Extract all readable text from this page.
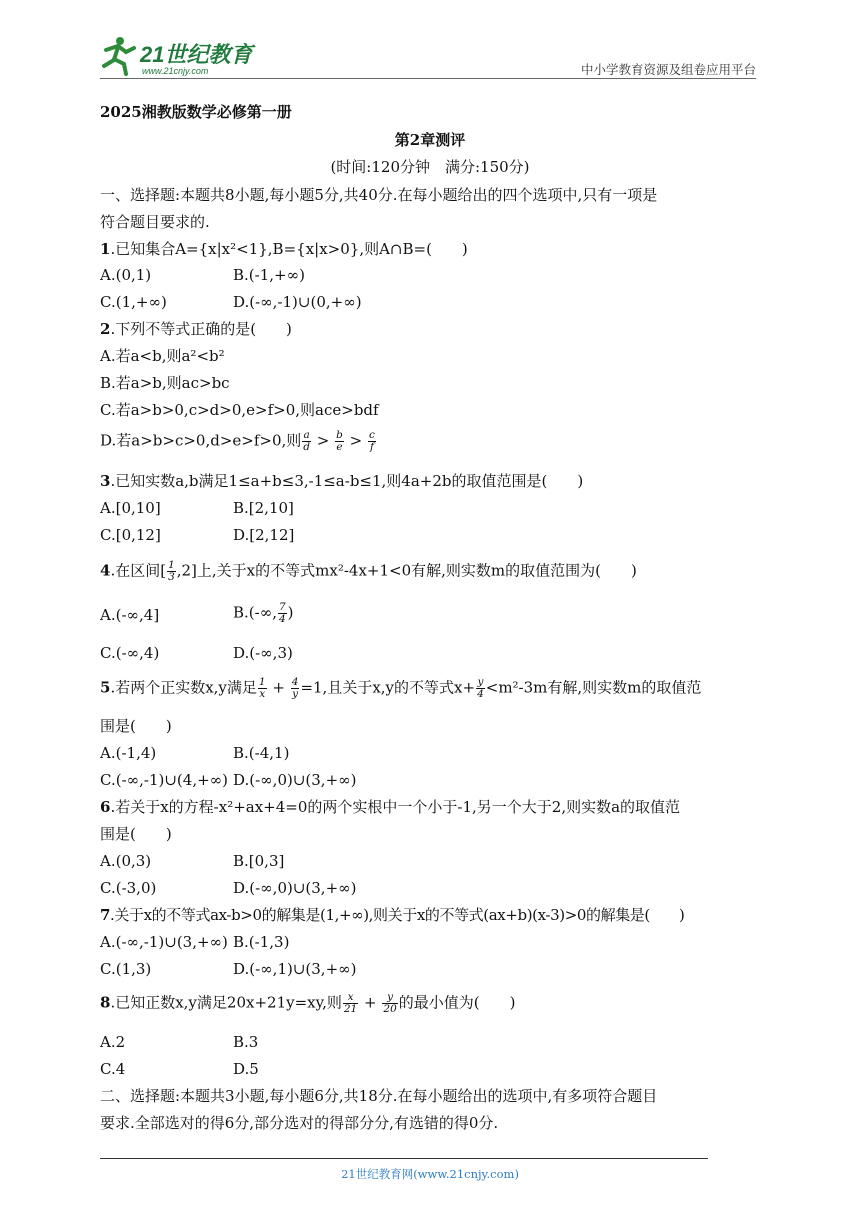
21世纪教育
www.21cnjy.com	中小学教育资源及组卷应用平台
2025湘教版数学必修第一册
第2章测评
(时间:120分钟　满分:150分)
一、选择题:本题共8小题,每小题5分,共40分.在每小题给出的四个选项中,只有一项是
符合题目要求的.
1.已知集合A={x|x²<1},B={x|x>0},则A∩B=(　　)
A.(0,1)	B.(-1,+∞)
C.(1,+∞)	D.(-∞,-1)∪(0,+∞)
2.下列不等式正确的是(　　)
A.若a<b,则a²<b²
B.若a>b,则ac>bc
C.若a>b>0,c>d>0,e>f>0,则ace>bdf
D.若a>b>c>0,d>e>f>0,则 $\frac{a}{d} > \frac{b}{e} > \frac{c}{f}$
3.已知实数a,b满足1≤a+b≤3,-1≤a-b≤1,则4a+2b的取值范围是(　　)
A.[0,10]	B.[2,10]
C.[0,12]	D.[2,12]
4.在区间[ $\frac{1}{3} ,2$]上,关于x的不等式mx²-4x+1<0有解,则实数m的取值范围为(　　)
A.(-∞,4]	B.(-∞, $\frac{7}{4}$ )
C.(-∞,4)	D.(-∞,3)
5.若两个正实数x,y满足 $\frac{1}{x} + \frac{4}{y} =1$,且关于x,y的不等式$x+ \frac{y}{4} <m^2-3m$有解,则实数m的取值范
围是(　　)
A.(-1,4)	B.(-4,1)
C.(-∞,-1)∪(4,+∞) D.(-∞,0)∪(3,+∞)
6.若关于x的方程-x²+ax+4=0的两个实根中一个小于-1,另一个大于2,则实数a的取值范
围是(　　)
A.(0,3)	B.[0,3]
C.(-3,0)	D.(-∞,0)∪(3,+∞)
7.关于x的不等式ax-b>0的解集是(1,+∞),则关于x的不等式(ax+b)(x-3)>0的解集是(　　)
A.(-∞,-1)∪(3,+∞) B.(-1,3)
C.(1,3)	D.(-∞,1)∪(3,+∞)
8.已知正数x,y满足20x+21y=xy,则 $\frac{x}{21} + \frac{y}{20}$ 的最小值为(　　)
A.2	B.3
C.4	D.5
二、选择题:本题共3小题,每小题6分,共18分.在每小题给出的选项中,有多项符合题目
要求.全部选对的得6分,部分选对的得部分分,有选错的得0分.
21世纪教育网(www.21cnjy.com)
